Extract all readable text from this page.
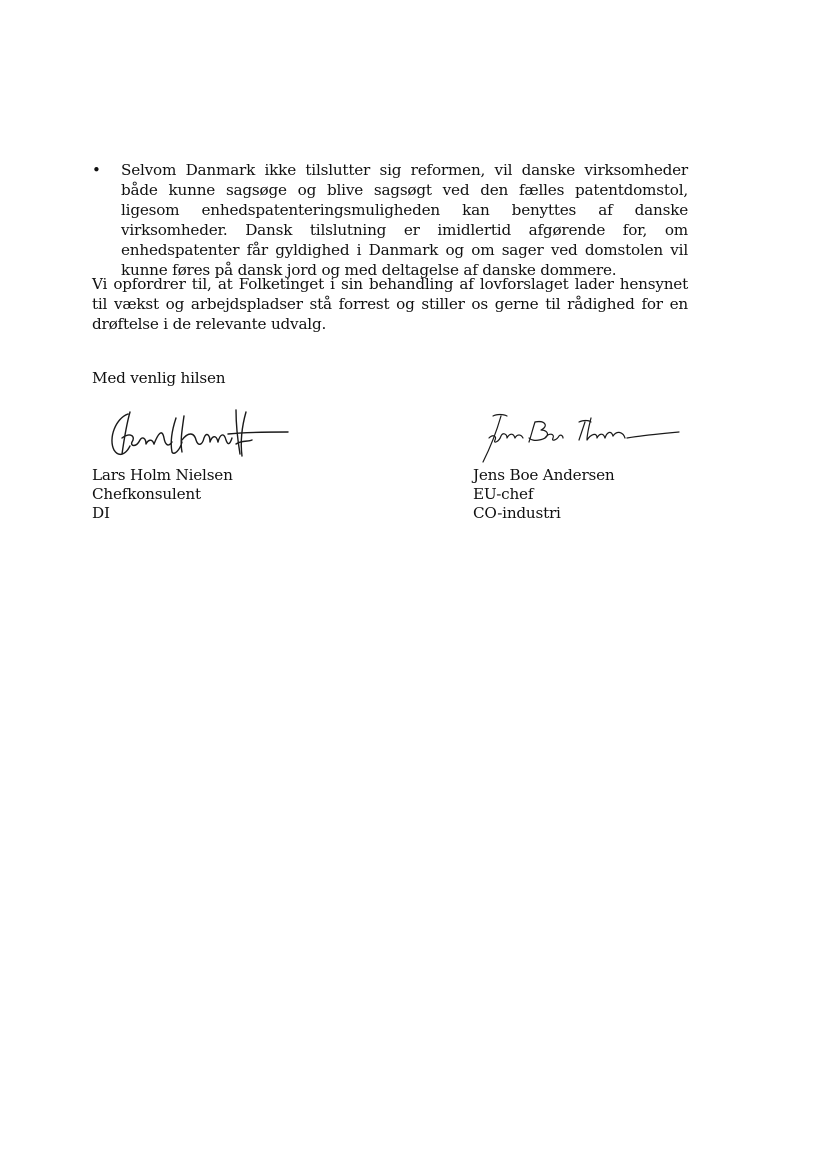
•	Selvom Danmark ikke tilslutter sig reformen, vil danske virksomheder både kunne sagsøge og blive sagsøgt ved den fælles patentdomstol, ligesom enhedspatenteringsmuligheden kan benyttes af danske virksomheder. Dansk tilslutning er imidlertid afgørende for, om enhedspatenter får gyldighed i Danmark og om sager ved domstolen vil kunne føres på dansk jord og med deltagelse af danske dommere.
Vi opfordrer til, at Folketinget i sin behandling af lovforslaget lader hensynet til vækst og arbejdspladser stå forrest og stiller os gerne til rådighed for en drøftelse i de relevante udvalg.
Med venlig hilsen
Lars Holm Nielsen
Chefkonsulent
DI
Jens Boe Andersen
EU-chef
CO-industri
